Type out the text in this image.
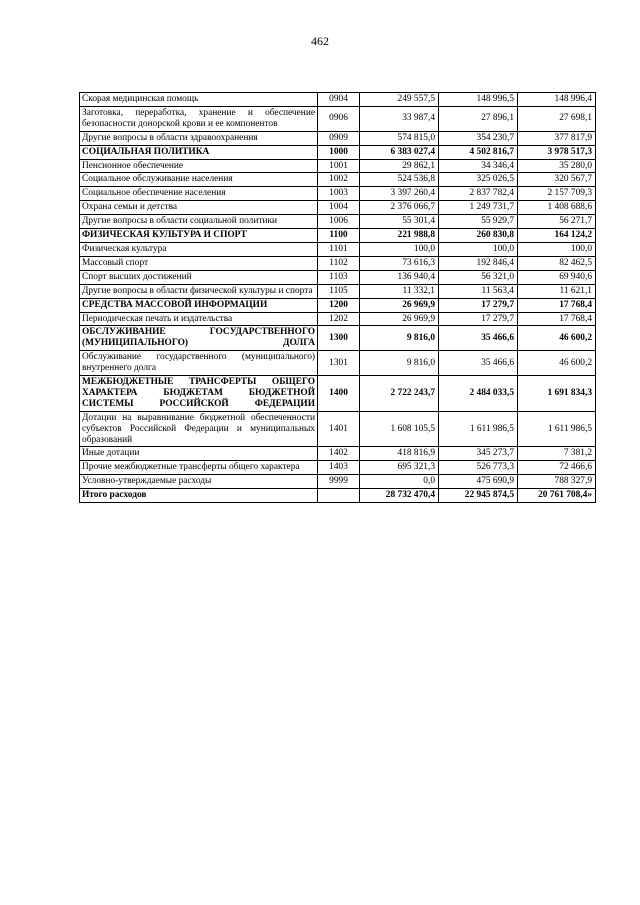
462
Скорая медицинская помощь	0904	249 557,5	148 996,5	148 996,4
Заготовка, переработка, хранение и обеспечение безопасности донорской крови и ее компонентов	0906	33 987,4	27 896,1	27 698,1
Другие вопросы в области здравоохранения	0909	574 815,0	354 230,7	377 817,9
СОЦИАЛЬНАЯ ПОЛИТИКА	1000	6 383 027,4	4 502 816,7	3 978 517,3
Пенсионное обеспечение	1001	29 862,1	34 346,4	35 280,0
Социальное обслуживание населения	1002	524 536,8	325 026,5	320 567,7
Социальное обеспечение населения	1003	3 397 260,4	2 837 782,4	2 157 709,3
Охрана семьи и детства	1004	2 376 066,7	1 249 731,7	1 408 688,6
Другие вопросы в области социальной политики	1006	55 301,4	55 929,7	56 271,7
ФИЗИЧЕСКАЯ КУЛЬТУРА И СПОРТ	1100	221 988,8	260 830,8	164 124,2
Физическая культура	1101	100,0	100,0	100,0
Массовый спорт	1102	73 616,3	192 846,4	82 462,5
Спорт высших достижений	1103	136 940,4	56 321,0	69 940,6
Другие вопросы в области физической культуры и спорта	1105	11 332,1	11 563,4	11 621,1
СРЕДСТВА МАССОВОЙ ИНФОРМАЦИИ	1200	26 969,9	17 279,7	17 768,4
Периодическая печать и издательства	1202	26 969,9	17 279,7	17 768,4
ОБСЛУЖИВАНИЕ ГОСУДАРСТВЕННОГО (МУНИЦИПАЛЬНОГО) ДОЛГА	1300	9 816,0	35 466,6	46 600,2
Обслуживание государственного (муниципального) внутреннего долга	1301	9 816,0	35 466,6	46 600,2
МЕЖБЮДЖЕТНЫЕ ТРАНСФЕРТЫ ОБЩЕГО ХАРАКТЕРА БЮДЖЕТАМ БЮДЖЕТНОЙ СИСТЕМЫ РОССИЙСКОЙ ФЕДЕРАЦИИ	1400	2 722 243,7	2 484 033,5	1 691 834,3
Дотации на выравнивание бюджетной обеспеченности субъектов Российской Федерации и муниципальных образований	1401	1 608 105,5	1 611 986,5	1 611 986,5
Иные дотации	1402	418 816,9	345 273,7	7 381,2
Прочие межбюджетные трансферты общего характера	1403	695 321,3	526 773,3	72 466,6
Условно-утверждаемые расходы	9999	0,0	475 690,9	788 327,9
Итого расходов		28 732 470,4	22 945 874,5	20 761 708,4»
